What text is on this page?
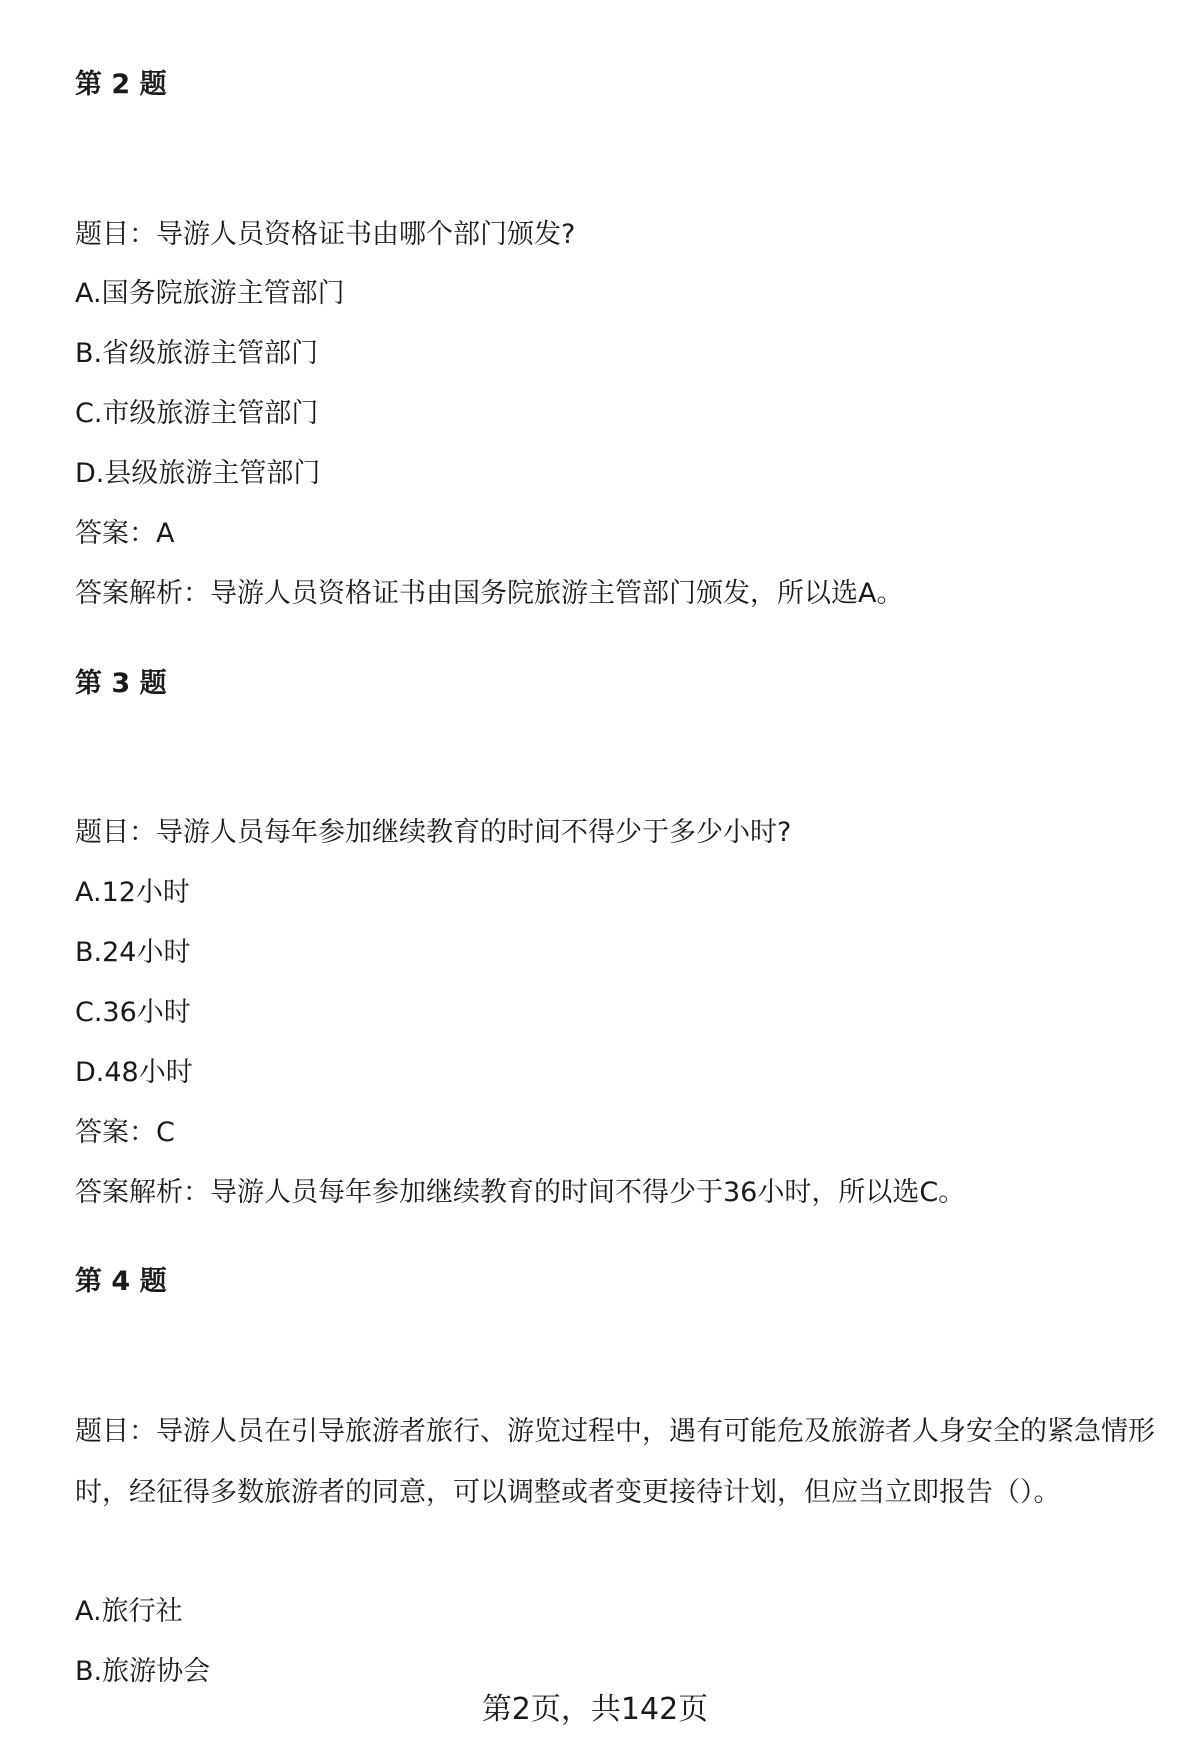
第 2 题

题目：导游人员资格证书由哪个部门颁发?

A.国务院旅游主管部门

B.省级旅游主管部门

C.市级旅游主管部门

D.县级旅游主管部门

答案：A

答案解析：导游人员资格证书由国务院旅游主管部门颁发，所以选A。

第 3 题

题目：导游人员每年参加继续教育的时间不得少于多少小时?

A.12小时

B.24小时

C.36小时

D.48小时

答案：C

答案解析：导游人员每年参加继续教育的时间不得少于36小时，所以选C。

第 4 题

题目：导游人员在引导旅游者旅行、游览过程中，遇有可能危及旅游者人身安全的紧急情形时，经征得多数旅游者的同意，可以调整或者变更接待计划，但应当立即报告（）。

A.旅行社

B.旅游协会

第2页，共142页
